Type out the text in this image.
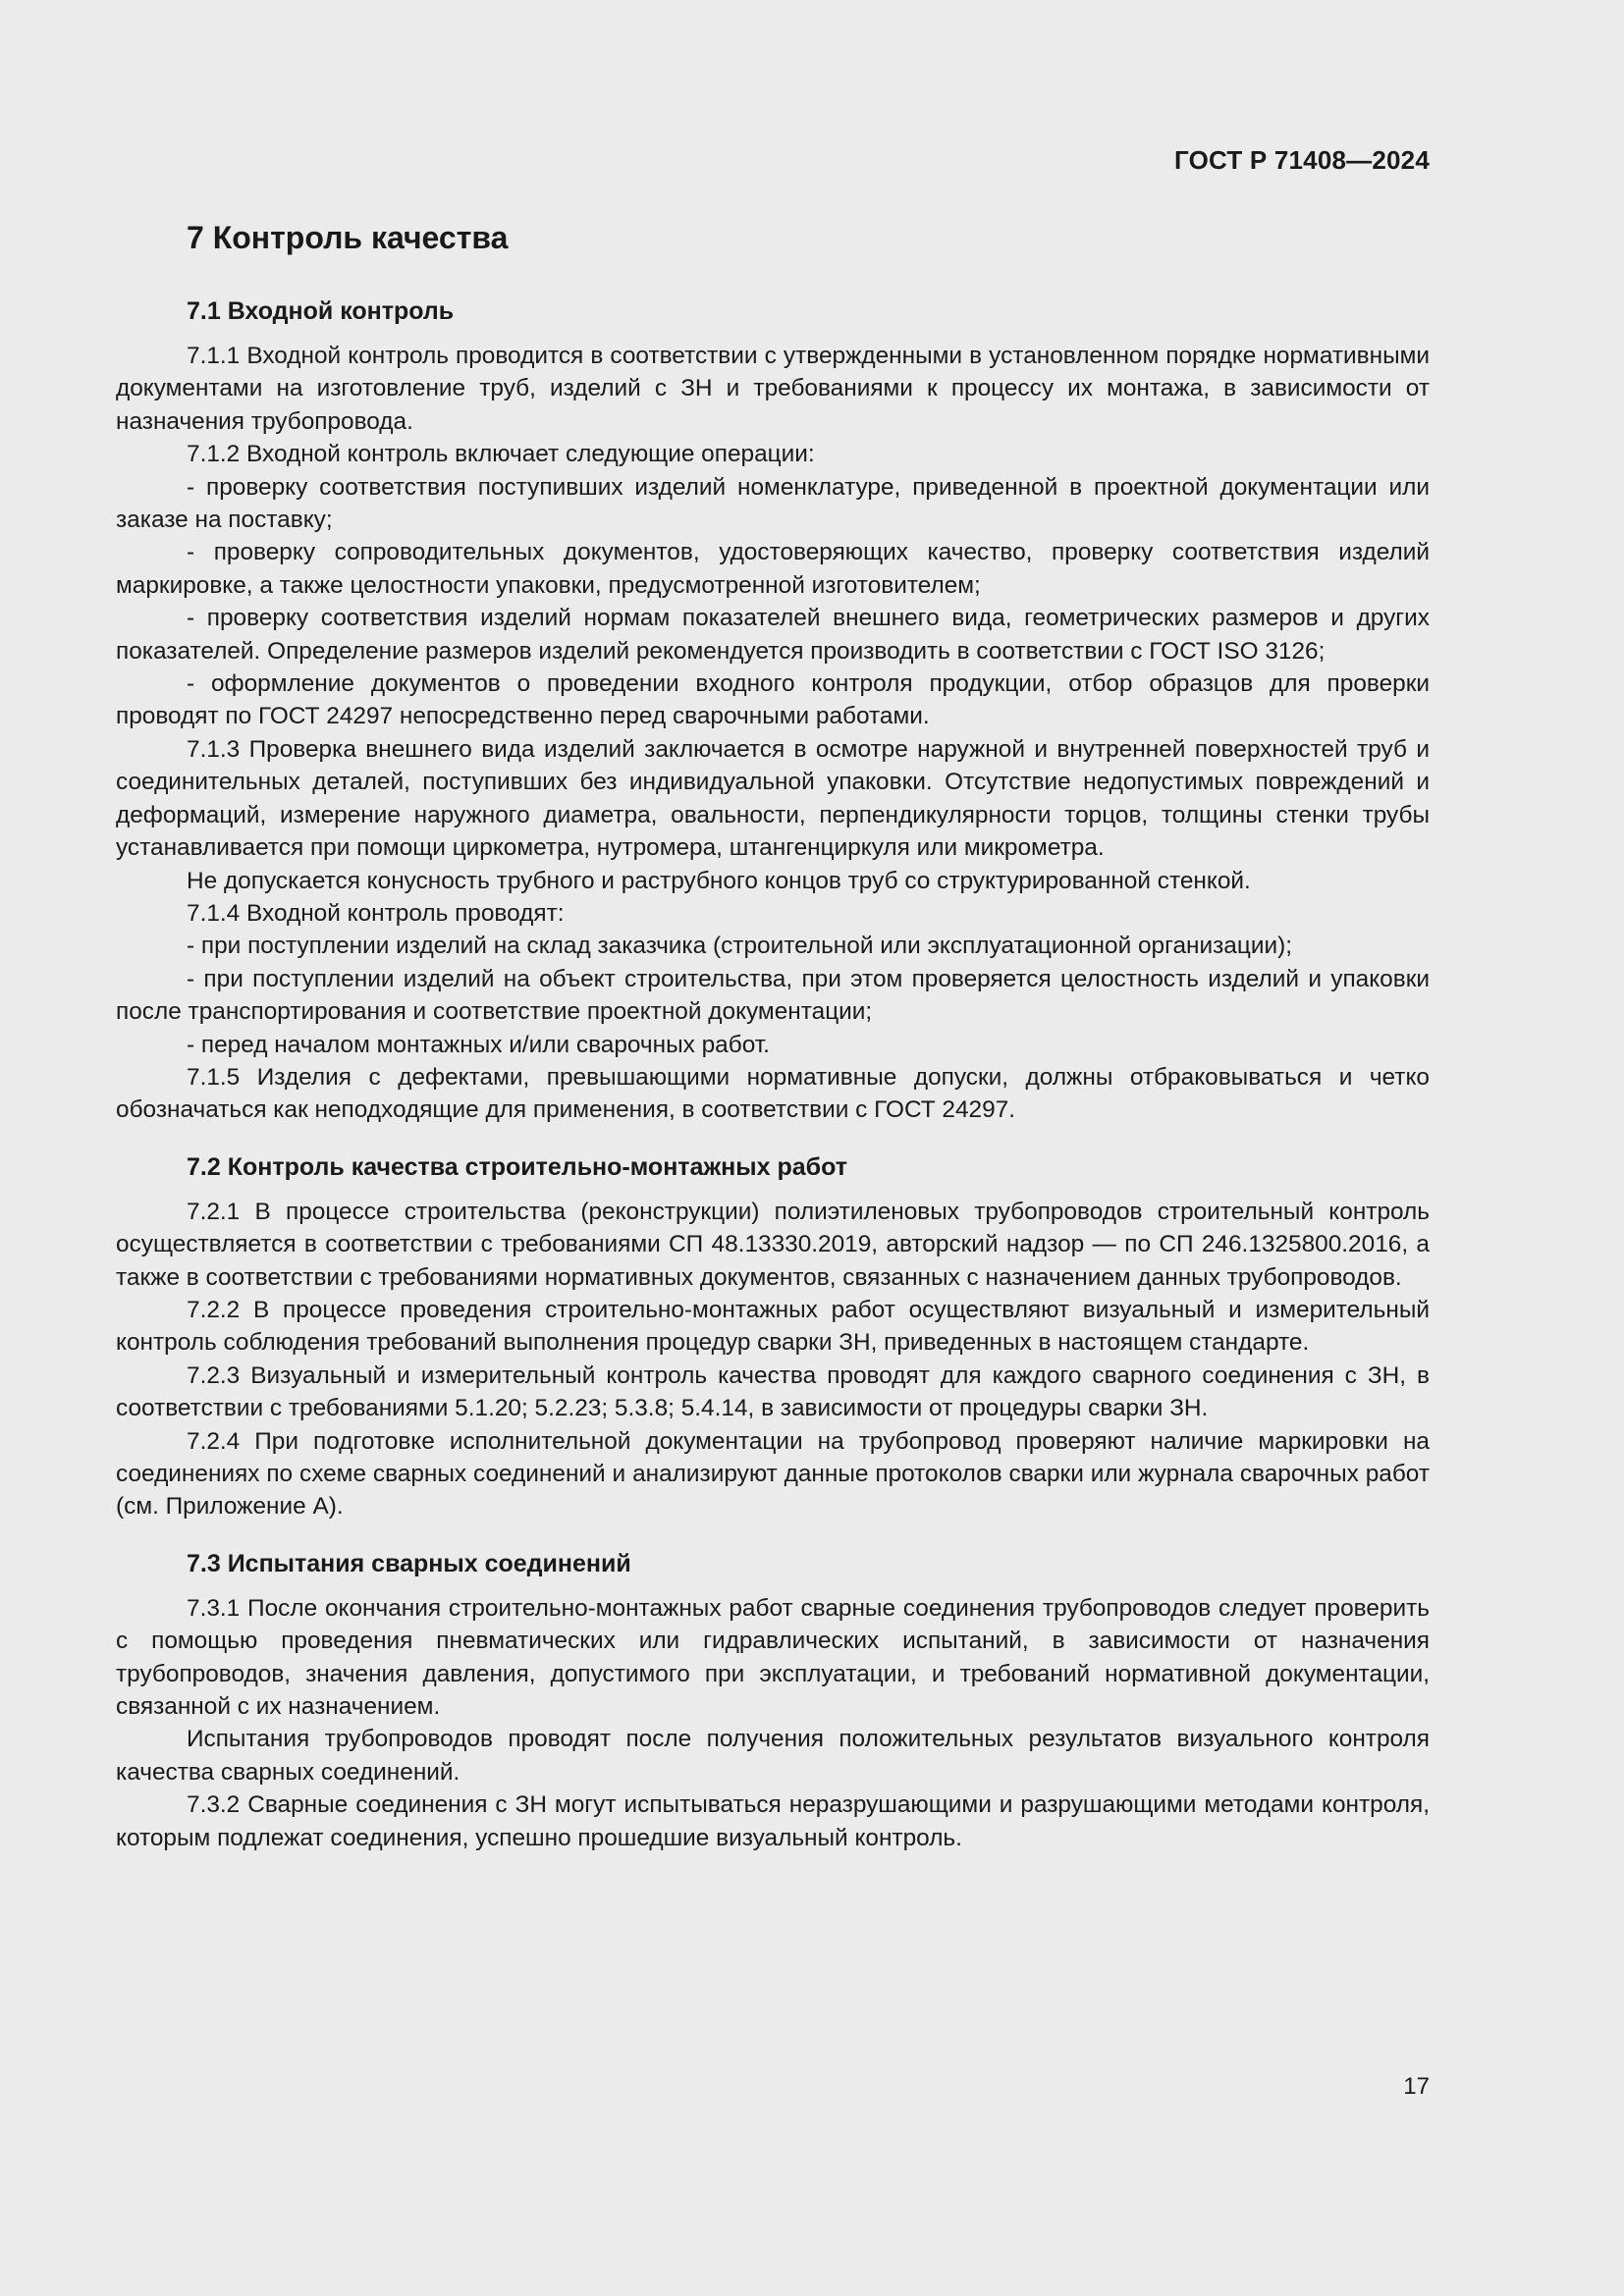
ГОСТ Р 71408—2024
7 Контроль качества
7.1 Входной контроль

7.1.1 Входной контроль проводится в соответствии с утвержденными в установленном порядке нормативными документами на изготовление труб, изделий с ЗН и требованиями к процессу их монтажа, в зависимости от назначения трубопровода.

7.1.2 Входной контроль включает следующие операции:

- проверку соответствия поступивших изделий номенклатуре, приведенной в проектной документации или заказе на поставку;

- проверку сопроводительных документов, удостоверяющих качество, проверку соответствия изделий маркировке, а также целостности упаковки, предусмотренной изготовителем;

- проверку соответствия изделий нормам показателей внешнего вида, геометрических размеров и других показателей. Определение размеров изделий рекомендуется производить в соответствии с ГОСТ ISO 3126;

- оформление документов о проведении входного контроля продукции, отбор образцов для проверки проводят по ГОСТ 24297 непосредственно перед сварочными работами.

7.1.3 Проверка внешнего вида изделий заключается в осмотре наружной и внутренней поверхностей труб и соединительных деталей, поступивших без индивидуальной упаковки. Отсутствие недопустимых повреждений и деформаций, измерение наружного диаметра, овальности, перпендикулярности торцов, толщины стенки трубы устанавливается при помощи циркометра, нутромера, штангенциркуля или микрометра.

Не допускается конусность трубного и раструбного концов труб со структурированной стенкой.

7.1.4 Входной контроль проводят:

- при поступлении изделий на склад заказчика (строительной или эксплуатационной организации);

- при поступлении изделий на объект строительства, при этом проверяется целостность изделий и упаковки после транспортирования и соответствие проектной документации;

- перед началом монтажных и/или сварочных работ.

7.1.5 Изделия с дефектами, превышающими нормативные допуски, должны отбраковываться и четко обозначаться как неподходящие для применения, в соответствии с ГОСТ 24297.

7.2 Контроль качества строительно-монтажных работ

7.2.1 В процессе строительства (реконструкции) полиэтиленовых трубопроводов строительный контроль осуществляется в соответствии с требованиями СП 48.13330.2019, авторский надзор — по СП 246.1325800.2016, а также в соответствии с требованиями нормативных документов, связанных с назначением данных трубопроводов.

7.2.2 В процессе проведения строительно-монтажных работ осуществляют визуальный и измерительный контроль соблюдения требований выполнения процедур сварки ЗН, приведенных в настоящем стандарте.

7.2.3 Визуальный и измерительный контроль качества проводят для каждого сварного соединения с ЗН, в соответствии с требованиями 5.1.20; 5.2.23; 5.3.8; 5.4.14, в зависимости от процедуры сварки ЗН.

7.2.4 При подготовке исполнительной документации на трубопровод проверяют наличие маркировки на соединениях по схеме сварных соединений и анализируют данные протоколов сварки или журнала сварочных работ (см. Приложение А).

7.3 Испытания сварных соединений

7.3.1 После окончания строительно-монтажных работ сварные соединения трубопроводов следует проверить с помощью проведения пневматических или гидравлических испытаний, в зависимости от назначения трубопроводов, значения давления, допустимого при эксплуатации, и требований нормативной документации, связанной с их назначением.

Испытания трубопроводов проводят после получения положительных результатов визуального контроля качества сварных соединений.

7.3.2 Сварные соединения с ЗН могут испытываться неразрушающими и разрушающими методами контроля, которым подлежат соединения, успешно прошедшие визуальный контроль.

17
